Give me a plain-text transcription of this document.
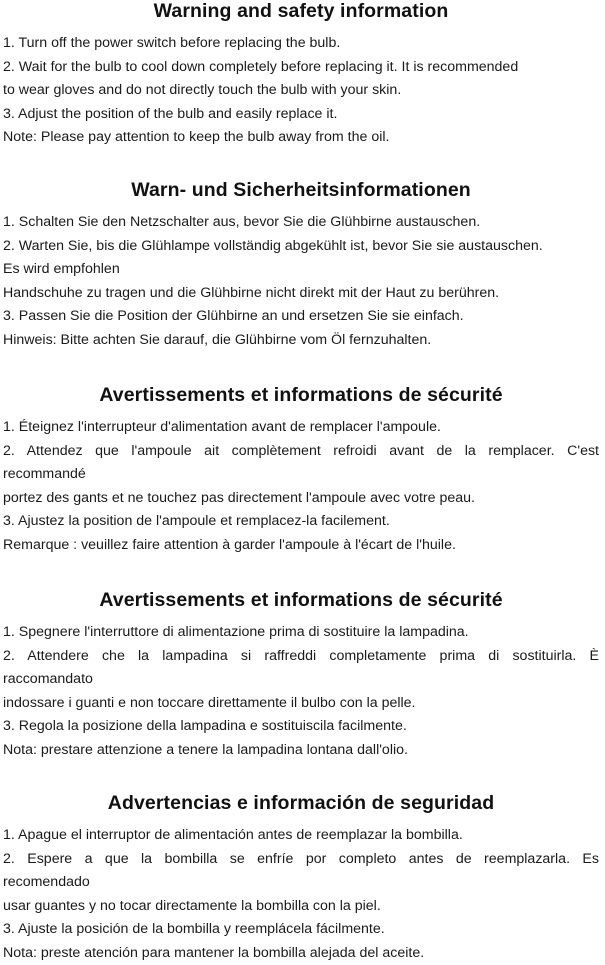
Warning and safety information
1. Turn off the power switch before replacing the bulb.
2. Wait for the bulb to cool down completely before replacing it. It is recommended
to wear gloves and do not directly touch the bulb with your skin.
3. Adjust the position of the bulb and easily replace it.
Note: Please pay attention to keep the bulb away from the oil.
Warn- und Sicherheitsinformationen
1. Schalten Sie den Netzschalter aus, bevor Sie die Glühbirne austauschen.
2. Warten Sie, bis die Glühlampe vollständig abgekühlt ist, bevor Sie sie austauschen.
Es wird empfohlen
Handschuhe zu tragen und die Glühbirne nicht direkt mit der Haut zu berühren.
3. Passen Sie die Position der Glühbirne an und ersetzen Sie sie einfach.
Hinweis: Bitte achten Sie darauf, die Glühbirne vom Öl fernzuhalten.
Avertissements et informations de sécurité
1. Éteignez l'interrupteur d'alimentation avant de remplacer l'ampoule.
2. Attendez que l'ampoule ait complètement refroidi avant de la remplacer. C'est
recommandé
portez des gants et ne touchez pas directement l'ampoule avec votre peau.
3. Ajustez la position de l'ampoule et remplacez-la facilement.
Remarque : veuillez faire attention à garder l'ampoule à l'écart de l'huile.
Avertissements et informations de sécurité
1. Spegnere l'interruttore di alimentazione prima di sostituire la lampadina.
2. Attendere che la lampadina si raffreddi completamente prima di sostituirla. È
raccomandato
indossare i guanti e non toccare direttamente il bulbo con la pelle.
3. Regola la posizione della lampadina e sostituiscila facilmente.
Nota: prestare attenzione a tenere la lampadina lontana dall'olio.
Advertencias e información de seguridad
1. Apague el interruptor de alimentación antes de reemplazar la bombilla.
2. Espere a que la bombilla se enfríe por completo antes de reemplazarla. Es
recomendado
usar guantes y no tocar directamente la bombilla con la piel.
3. Ajuste la posición de la bombilla y reemplácela fácilmente.
Nota: preste atención para mantener la bombilla alejada del aceite.
